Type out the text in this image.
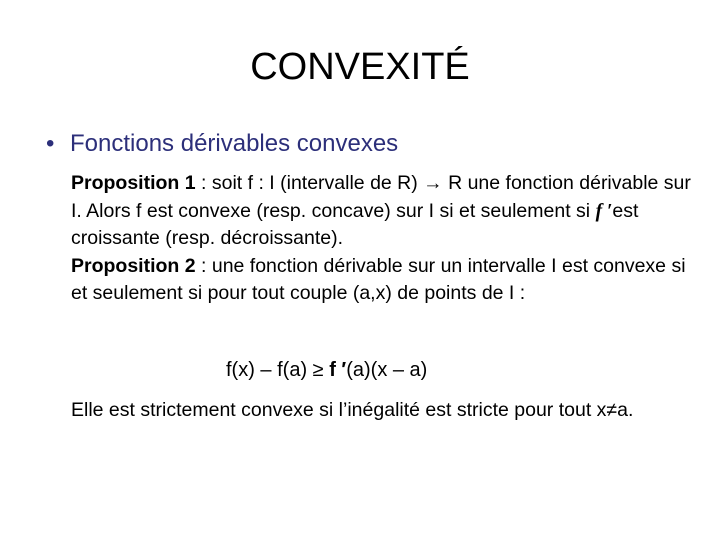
CONVEXITÉ
• Fonctions dérivables convexes

Proposition 1 : soit f : I (intervalle de R) → R une fonction dérivable sur I. Alors f est convexe (resp. concave) sur I si et seulement si f ′est croissante (resp. décroissante).

Proposition 2 : une fonction dérivable sur un intervalle I est convexe si et seulement si pour tout couple (a,x) de points de I :

f(x) – f(a) ≥ f ′(a)(x – a)

Elle est strictement convexe si l’inégalité est stricte pour tout x≠a.
